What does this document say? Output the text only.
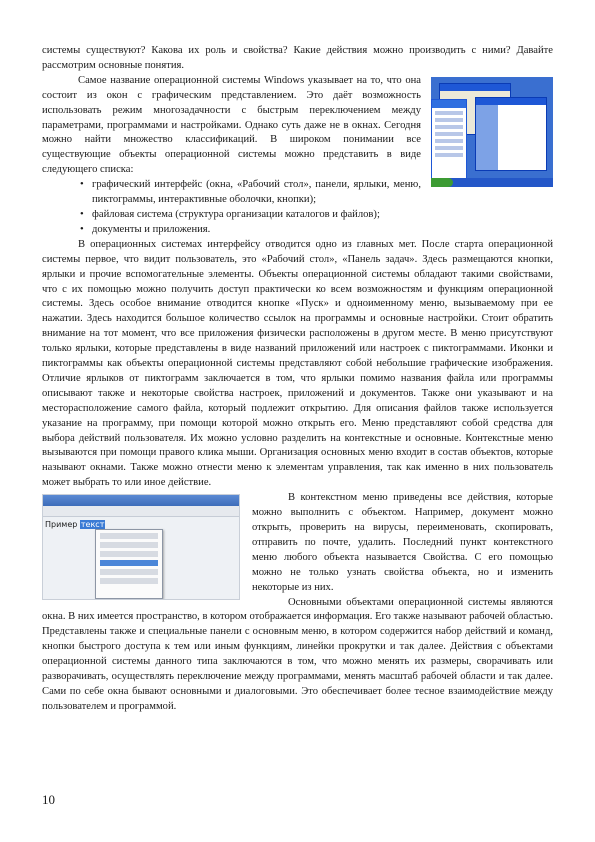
системы существуют? Какова их роль и свойства? Какие действия можно производить с ними? Давайте рассмотрим основные понятия.

Самое название операционной системы Windows указывает на то, что она состоит из окон с графическим представлением. Это даёт возможность использовать режим многозадачности с быстрым переключением между параметрами, программами и настройками. Однако суть даже не в окнах. Сегодня можно найти множество классификаций. В широком понимании все существующие объекты операционной системы можно представить в виде следующего списка:

• графический интерфейс (окна, «Рабочий стол», панели, ярлыки, меню, пиктограммы, интерактивные оболочки, кнопки);
• файловая система (структура организации каталогов и файлов);
• документы и приложения.

В операционных системах интерфейсу отводится одно из главных мет. После старта операционной системы первое, что видит пользователь, это «Рабочий стол», «Панель задач». Здесь размещаются кнопки, ярлыки и прочие вспомогательные элементы. Объекты операционной системы обладают такими свойствами, что с их помощью можно получить доступ практически ко всем возможностям и функциям операционной системы. Здесь особое внимание отводится кнопке «Пуск» и одноименному меню, вызываемому при ее нажатии. Здесь находится большое количество ссылок на программы и основные настройки. Стоит обратить внимание на тот момент, что все приложения физически расположены в другом месте. В меню присутствуют только ярлыки, которые представлены в виде названий приложений или настроек с пиктограммами. Иконки и пиктограммы как объекты операционной системы представляют собой небольшие графические изображения. Отличие ярлыков от пиктограмм заключается в том, что ярлыки помимо названия файла или программы описывают также и некоторые свойства настроек, приложений и документов. Также они указывают и на месторасположение самого файла, который подлежит открытию. Для описания файлов также используется указание на программу, при помощи которой можно открыть его. Меню представляют собой средства для выбора действий пользователя. Их можно условно разделить на контекстные и основные. Контекстные меню вызываются при помощи правого клика мыши. Организация основных меню входит в состав объектов, которые называют окнами. Также можно отнести меню к элементам управления, так как именно в них пользователь может выбрать то или иное действие.

Пример текст

В контекстном меню приведены все действия, которые можно выполнить с объектом. Например, документ можно открыть, проверить на вирусы, переименовать, скопировать, отправить по почте, удалить. Последний пункт контекстного меню любого объекта называется Свойства. С его помощью можно не только узнать свойства объекта, но и изменить некоторые из них.

Основными объектами операционной системы являются окна. В них имеется пространство, в котором отображается информация. Его также называют рабочей областью. Представлены также и специальные панели с основным меню, в котором содержится набор действий и команд, кнопки быстрого доступа к тем или иным функциям, линейки прокрутки и так далее. Действия с объектами операционной системы данного типа заключаются в том, что можно менять их размеры, сворачивать или разворачивать, осуществлять переключение между программами, менять масштаб рабочей области и так далее. Сами по себе окна бывают основными и диалоговыми. Это обеспечивает более тесное взаимодействие между пользователем и программой.

10
